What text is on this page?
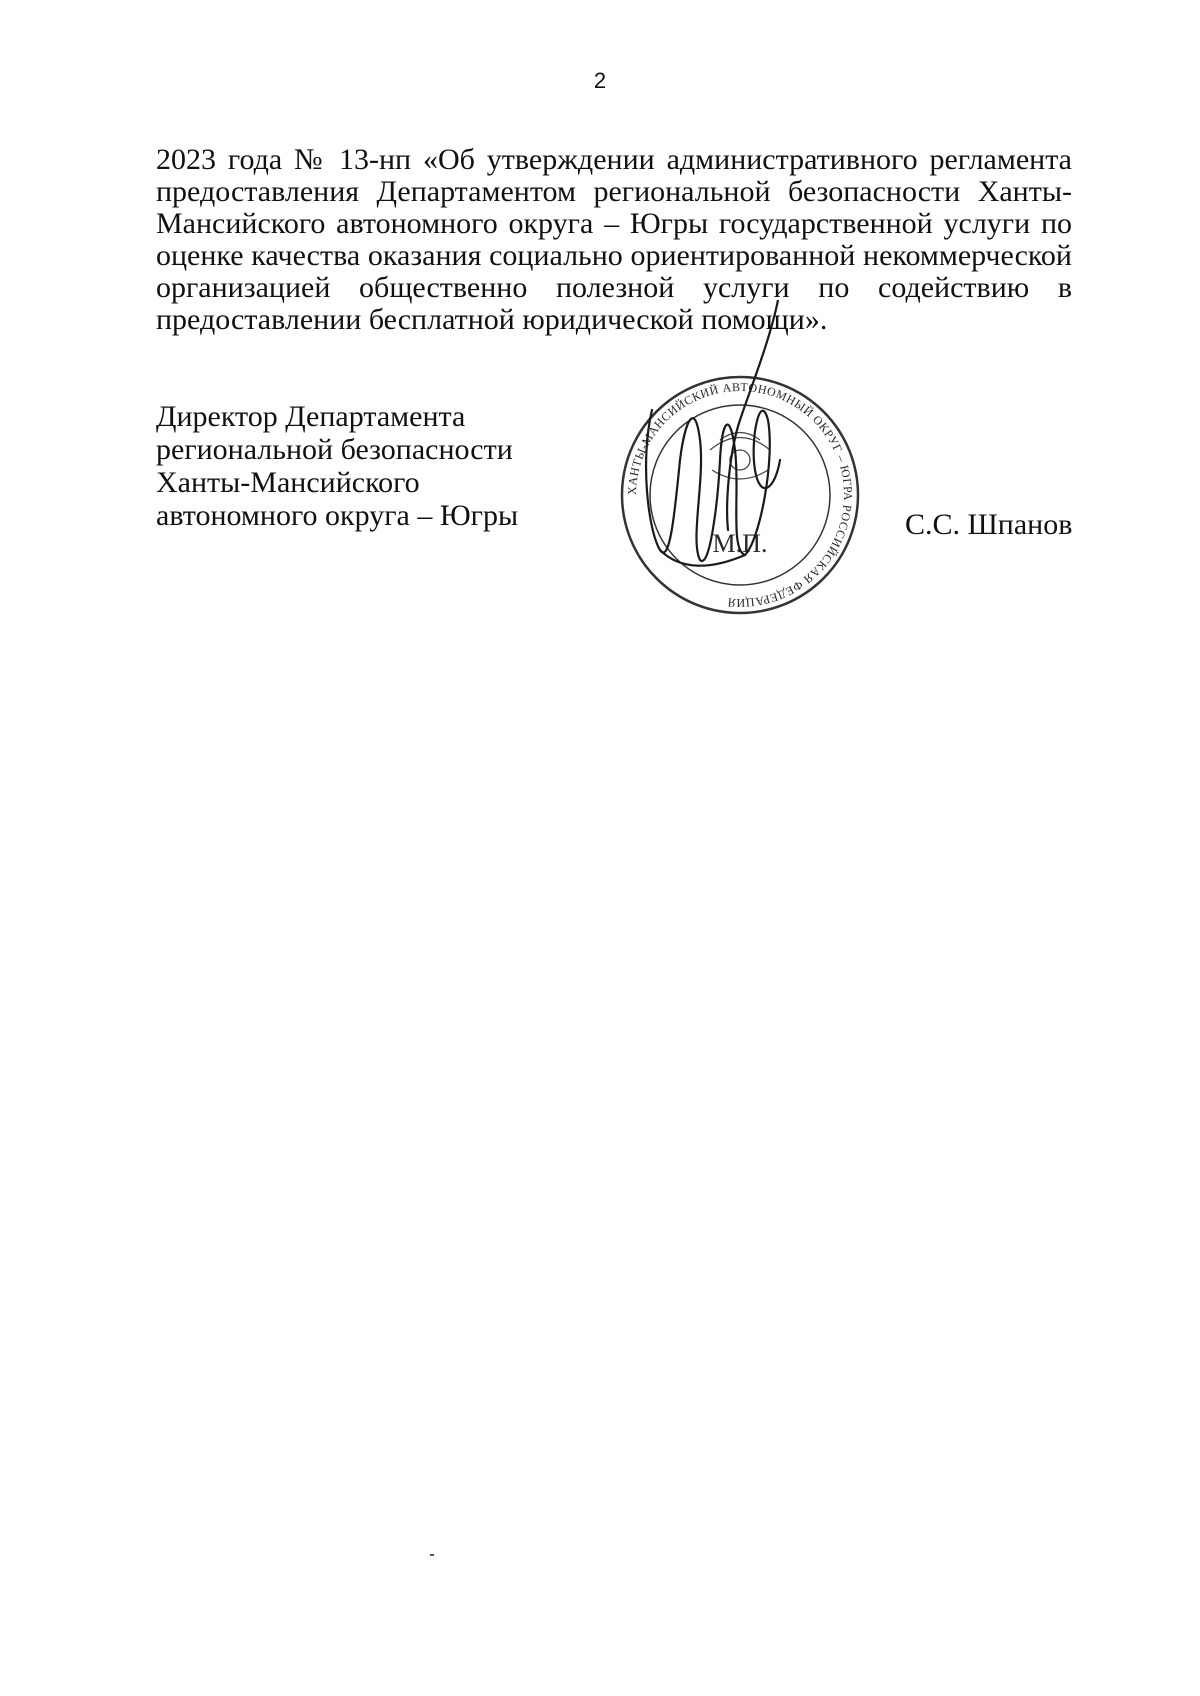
2
2023 года № 13-нп «Об утверждении административного регламента
предоставления Департаментом региональной безопасности Ханты-
Мансийского автономного округа – Югры государственной услуги по
оценке качества оказания социально ориентированной некоммерческой
организацией общественно полезной услуги по содействию в
предоставлении бесплатной юридической помощи».
Директор Департамента
региональной безопасности
Ханты-Мансийского
автономного округа – Югры
ХАНТЫ-МАНСИЙСКИЙ АВТОНОМНЫЙ ОКРУГ – ЮГРА РОССИЙСКАЯ ФЕДЕРАЦИЯ
М.П.
С.С. Шпанов
